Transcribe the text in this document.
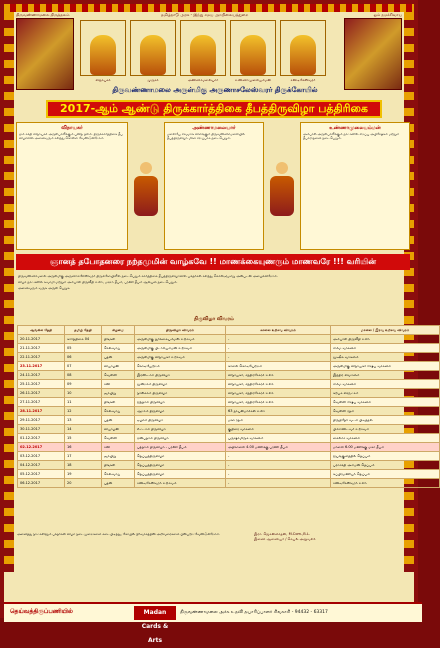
திருவண்ணாமலை திருத்தலம்	தமிழ்நாடு அரசு - இந்து சமய அறநிலையத்துறை	ஓம் நமச்சிவாய
விநாயகர்	முருகர்	அண்ணாமலையார்	உண்ணாமுலையம்மன்	சண்டிகேஸ்வரர்
திருவண்ணாமலை அருள்மிகு அருணாசலேஸ்வரர் திருக்கோயில்
2017-ஆம் ஆண்டு திருக்கார்த்திகை தீபத்திருவிழா பத்திரிகை
விநாயகர்
ஓம் சக்தி விநாயகர் அருள்பாலிக்கும் புனித தலம். திருக்கார்த்திகை தீப விழாவில் அனைவரும் கலந்து கொள்ள வேண்டுகிறோம்.
அண்ணாமலையார்
மலையே சிவமாக விளங்கும் திருவண்ணாமலையில் தீபத்திருவிழா மிகச் சிறப்பாக நடைபெறும்.
உண்ணாமுலையம்மன்
அம்பாள் அருள்பாலிக்கும் நாட்களில் சிறப்பு அபிஷேகம் மற்றும் தீபாராதனை நடைபெறும்.
ஞானத் தபோதனரை நற்தமுமின் வாழ்கவே !! மாணக்கையுணரும் மாணவரே !!! வரியின்
திருவண்ணாமலை அருள்மிகு அருணாசலேஸ்வரர் திருக்கோயிலில் நடைபெறும் கார்த்திகை தீபத்திருவிழாவில் பக்தர்கள் கலந்து கொள்ளுமாறு அன்புடன் அழைக்கிறோம்.
விழா நாட்களில் சுவாமி மற்றும் அம்பாள் திருவீதி உலா, மஹா தீபம், பரணி தீபம் ஆகியன நடைபெறும்.
அனைவரும் வருக அருள் பெறுக.
திருவிழா விவரம்
ஆங்கில தேதி	தமிழ் தேதி	கிழமை	திருவிழா விவரம்	காலை உற்சவ விவரம்	மாலை / இரவு உற்சவ விவரம்
20.11.2017	கார்த்திகை 04	திங்கள்	அருள்மிகு துர்க்கையம்மன் உற்சவம்	-	அம்பாள் திருவீதி உலா
21.11.2017	05	செவ்வாய்	அருள்மிகு பிடாரியம்மன் உற்சவம்	-	சிம்ம வாகனம்
22.11.2017	06	புதன்	அருள்மிகு விநாயகர் உற்சவம்	-	மூஷிக வாகனம்
23.11.2017	07	வியாழன்	கொடியேற்றம்	காலை கொடியேற்றம்	அருள்மிகு விநாயகர் ரிஷப வாகனம்
24.11.2017	08	வெள்ளி	இரண்டாம் திருவிழா	விநாயகர், சந்திரசேகரர் உலா	இந்திர விமானம்
25.11.2017	09	சனி	மூன்றாம் திருவிழா	விநாயகர், சந்திரசேகரர் உலா	சிம்ம வாகனம்
26.11.2017	10	ஞாயிறு	நான்காம் திருவிழா	விநாயகர், சந்திரசேகரர் உலா	கற்பக விருட்சம்
27.11.2017	11	திங்கள்	ஐந்தாம் திருவிழா	விநாயகர், சந்திரசேகரர் உலா	வெள்ளி ரிஷப வாகனம்
28.11.2017	12	செவ்வாய்	ஆறாம் திருவிழா	63 நாயன்மார்கள் உலா	வெள்ளி ரதம்
29.11.2017	13	புதன்	ஏழாம் திருவிழா	மகா ரதம்	திருத்தேர் வடம் பிடித்தல்
30.11.2017	14	வியாழன்	எட்டாம் திருவிழா	குதிரை வாகனம்	பிச்சாண்டவர் உற்சவம்
01.12.2017	15	வெள்ளி	ஒன்பதாம் திருவிழா	புருஷாமிருக வாகனம்	கைலாச வாகனம்
02.12.2017	16	சனி	பத்தாம் திருவிழா - பரணி தீபம்	அதிகாலை 4.00 மணிக்கு பரணி தீபம்	மாலை 6.00 மணிக்கு மகா தீபம்
03.12.2017	17	ஞாயிறு	தெப்பத்திருவிழா	-	ஐயங்குளத்தில் தெப்பம்
04.12.2017	18	திங்கள்	தெப்பத்திருவிழா	-	பராசக்தி அம்மன் தெப்பம்
05.12.2017	19	செவ்வாய்	தெப்பத்திருவிழா	-	சுப்பிரமணியர் தெப்பம்
06.12.2017	20	புதன்	சண்டிகேஸ்வரர் உற்சவம்	-	சண்டிகேஸ்வரர் உலா
அனைத்து நாட்களிலும் பக்தர்கள் விழா நடைமுறைகளை கடைபிடித்து, கோயில் நிர்வாகத்தின் அறிவுரைகளை பின்பற்ற வேண்டுகிறோம்.	இரா. ஜெகன்னாதன், M.Com.,B.L.
இணை ஆணையர் / செயல் அலுவலர்
தெய்வத்திருப்பணியில்	Madan Cards & Arts
திருவண்ணாமலை அச்சு உதவி தயாரிப்பாளர் சிவகாசி - 94432 - 63317
